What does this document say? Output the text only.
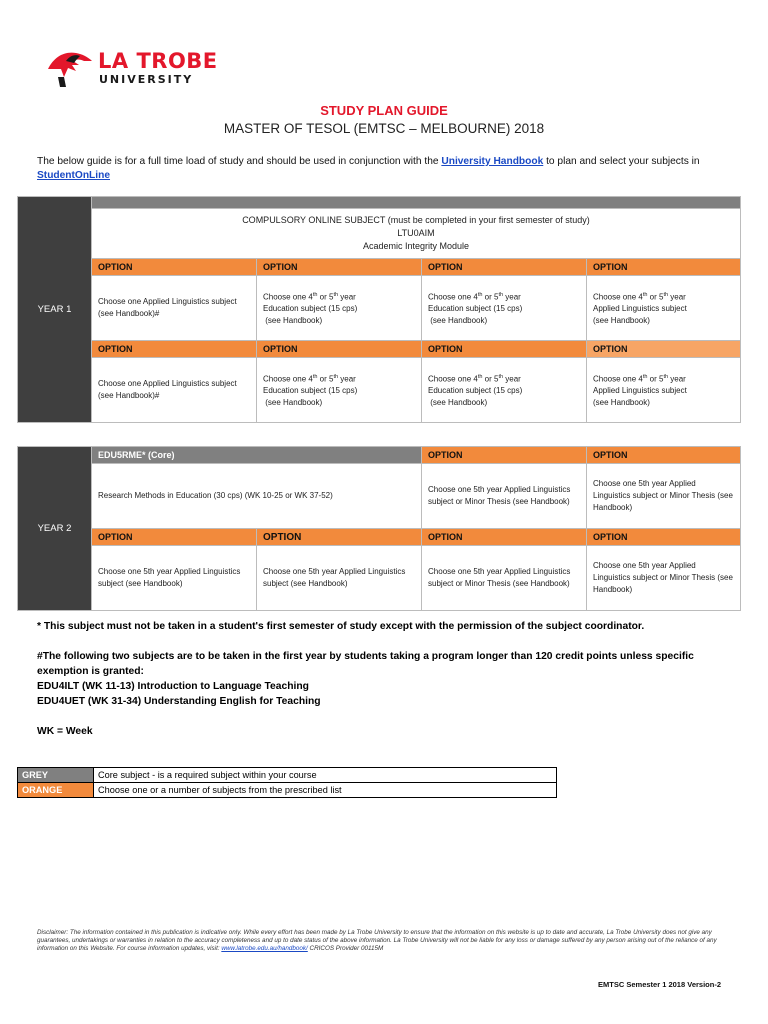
LA TROBE
UNIVERSITY
STUDY PLAN GUIDE
MASTER OF TESOL (EMTSC – MELBOURNE) 2018
The below guide is for a full time load of study and should be used in conjunction with the University Handbook to plan and select your subjects in
StudentOnLine
YEAR 1				

	COMPULSORY ONLINE SUBJECT (must be completed in your first semester of study)
LTU0AIM
Academic Integrity Module			

	OPTION	OPTION	OPTION	OPTION
	Choose one Applied Linguistics subject (see Handbook)#	Choose one 4th or 5th year
Education subject (15 cps)
(see Handbook)	Choose one 4th or 5th year
Education subject (15 cps)
(see Handbook)	Choose one 4th or 5th year
Applied Linguistics subject
(see Handbook)
	OPTION	OPTION	OPTION	OPTION
	Choose one Applied Linguistics subject (see Handbook)#	Choose one 4th or 5th year
Education subject (15 cps)
(see Handbook)	Choose one 4th or 5th year
Education subject (15 cps)
(see Handbook)	Choose one 4th or 5th year
Applied Linguistics subject
(see Handbook)
YEAR 2	EDU5RME* (Core)		OPTION	OPTION
	Research Methods in Education (30 cps) (WK 10-25 or WK 37-52)		Choose one 5th year Applied Linguistics subject or Minor Thesis (see Handbook)	Choose one 5th year Applied Linguistics subject or Minor Thesis (see Handbook)
	OPTION	OPTION	OPTION	OPTION
	Choose one 5th year Applied Linguistics subject (see Handbook)	Choose one 5th year Applied Linguistics subject (see Handbook)	Choose one 5th year Applied Linguistics subject or Minor Thesis (see Handbook)	Choose one 5th year Applied Linguistics subject or Minor Thesis (see Handbook)

* This subject must not be taken in a student's first semester of study except with the permission of the subject coordinator.

#The following two subjects are to be taken in the first year by students taking a program longer than 120 credit points unless specific exemption is granted:

EDU4ILT (WK 11-13) Introduction to Language Teaching

EDU4UET (WK 31-34) Understanding English for Teaching

WK = Week

GREY	Core subject - is a required subject within your course
ORANGE	Choose one or a number of subjects from the prescribed list
Disclaimer: The information contained in this publication is indicative only. While every effort has been made by La Trobe University to ensure that the information on this website is up to date and accurate, La Trobe University does not give any guarantees, undertakings or warranties in relation to the accuracy completeness and up to date status of the above information. La Trobe University will not be liable for any loss or damage suffered by any person arising out of the reliance of any information on this Website. For course information updates, visit: www.latrobe.edu.au/handbook/ CRICOS Provider 00115M
EMTSC Semester 1 2018 Version-2
